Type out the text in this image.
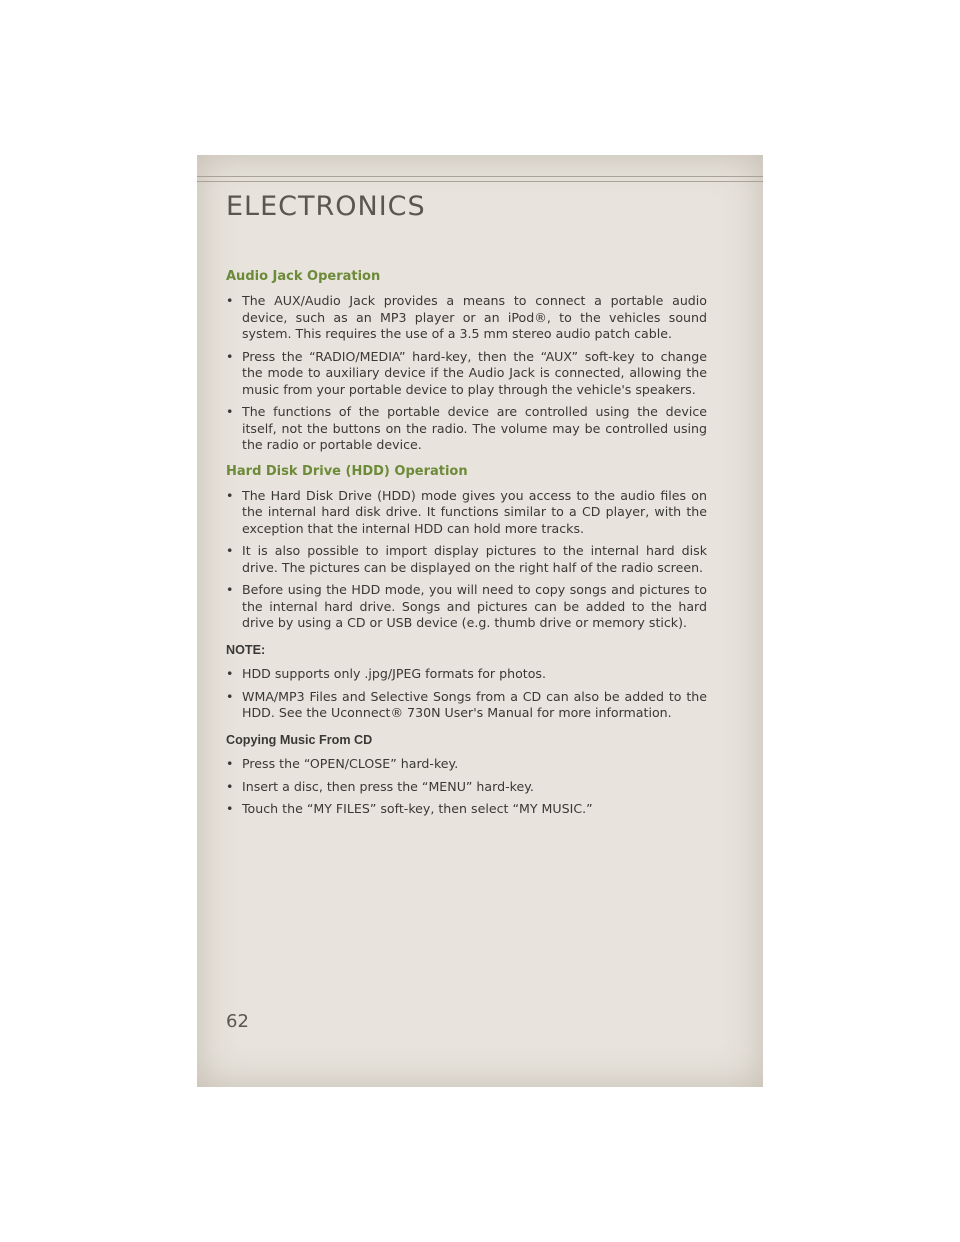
ELECTRONICS
Audio Jack Operation
• The AUX/Audio Jack provides a means to connect a portable audio device, such as an MP3 player or an iPod®, to the vehicles sound system. This requires the use of a 3.5 mm stereo audio patch cable.
• Press the “RADIO/MEDIA” hard-key, then the “AUX” soft-key to change the mode to auxiliary device if the Audio Jack is connected, allowing the music from your portable device to play through the vehicle's speakers.
• The functions of the portable device are controlled using the device itself, not the buttons on the radio. The volume may be controlled using the radio or portable device.
Hard Disk Drive (HDD) Operation
• The Hard Disk Drive (HDD) mode gives you access to the audio files on the internal hard disk drive. It functions similar to a CD player, with the exception that the internal HDD can hold more tracks.
• It is also possible to import display pictures to the internal hard disk drive. The pictures can be displayed on the right half of the radio screen.
• Before using the HDD mode, you will need to copy songs and pictures to the internal hard drive. Songs and pictures can be added to the hard drive by using a CD or USB device (e.g. thumb drive or memory stick).

NOTE:

• HDD supports only .jpg/JPEG formats for photos.
• WMA/MP3 Files and Selective Songs from a CD can also be added to the HDD. See the Uconnect® 730N User's Manual for more information.

Copying Music From CD

• Press the “OPEN/CLOSE” hard-key.
• Insert a disc, then press the “MENU” hard-key.
• Touch the “MY FILES” soft-key, then select “MY MUSIC.”
62
